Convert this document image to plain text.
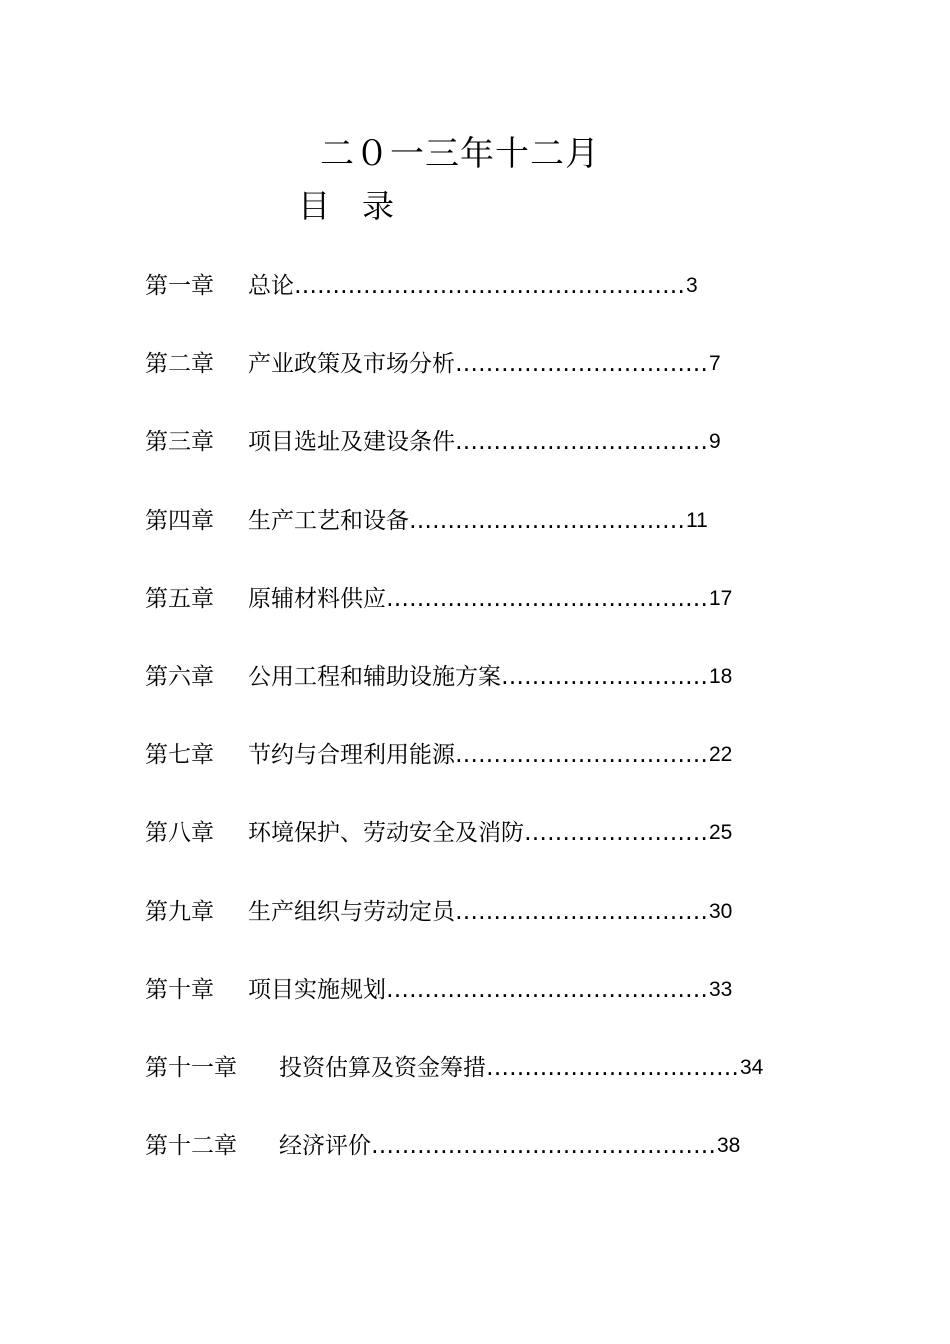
二０一三年十二月
目　录
第一章 总论……………………………………………3
第二章 产业政策及市场分析……………………………7
第三章 项目选址及建设条件……………………………9
第四章 生产工艺和设备………………………………11
第五章 原辅材料供应……………………………………17
第六章 公用工程和辅助设施方案………………………18
第七章 节约与合理利用能源……………………………22
第八章 环境保护、劳动安全及消防……………………25
第九章 生产组织与劳动定员……………………………30
第十章 项目实施规划……………………………………33
第十一章 投资估算及资金筹措……………………………34
第十二章 经济评价………………………………………38
